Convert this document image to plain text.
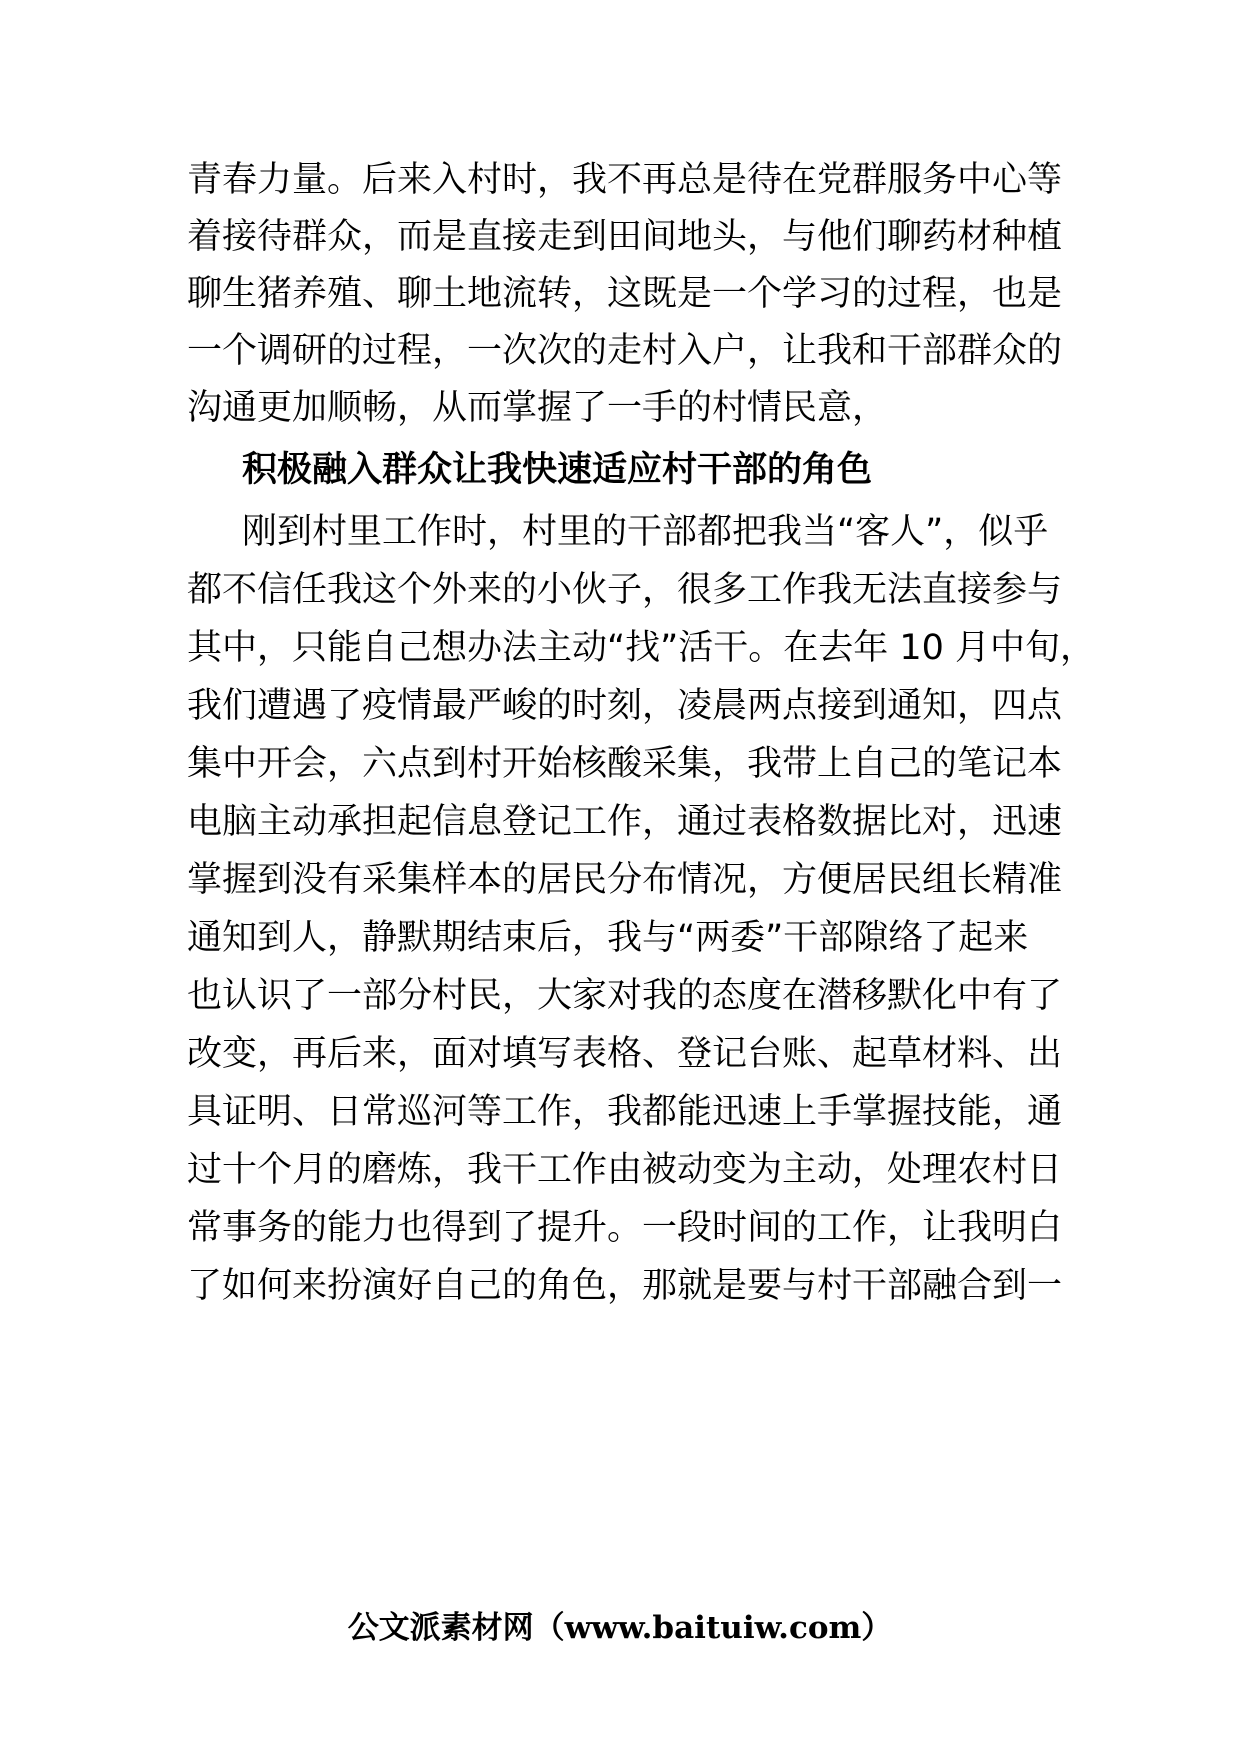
青春力量。后来入村时，我不再总是待在党群服务中心等
着接待群众，而是直接走到田间地头，与他们聊药材种植
聊生猪养殖、聊土地流转，这既是一个学习的过程，也是
一个调研的过程，一次次的走村入户，让我和干部群众的
沟通更加顺畅，从而掌握了一手的村情民意，
积极融入群众让我快速适应村干部的角色
刚到村里工作时，村里的干部都把我当“客人”，似乎
都不信任我这个外来的小伙子，很多工作我无法直接参与
其中，只能自己想办法主动“找”活干。在去年 10 月中旬，
我们遭遇了疫情最严峻的时刻，凌晨两点接到通知，四点
集中开会，六点到村开始核酸采集，我带上自己的笔记本
电脑主动承担起信息登记工作，通过表格数据比对，迅速
掌握到没有采集样本的居民分布情况，方便居民组长精准
通知到人，静默期结束后，我与“两委”干部隙络了起来
也认识了一部分村民，大家对我的态度在潜移默化中有了
改变，再后来，面对填写表格、登记台账、起草材料、出
具证明、日常巡河等工作，我都能迅速上手掌握技能，通
过十个月的磨炼，我干工作由被动变为主动，处理农村日
常事务的能力也得到了提升。一段时间的工作，让我明白
了如何来扮演好自己的角色，那就是要与村干部融合到一
公文派素材网（www.baituiw.com）
